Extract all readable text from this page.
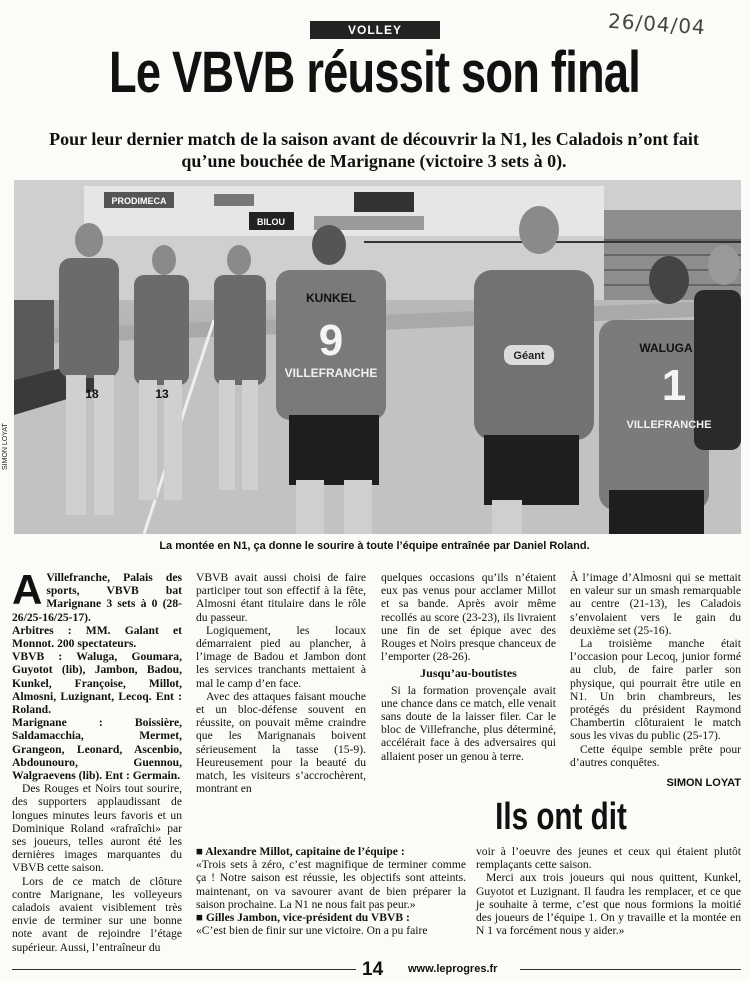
26/04/04
VOLLEY
Le VBVB réussit son final
Pour leur dernier match de la saison avant de découvrir la N1, les Caladois n’ont fait qu’une bouchée de Marignane (victoire 3 sets à 0).
PRODIMECA
BILOU
KUNKEL
9
VILLEFRANCHE
WALUGA
1
VILLEFRANCHE
18	13
Géant
SIMON LOYAT
La montée en N1, ça donne le sourire à toute l’équipe entraînée par Daniel Roland.

A Villefranche, Palais des sports, VBVB bat Marignane 3 sets à 0 (28-26/25-16/25-17).

Arbitres : MM. Galant et Monnot. 200 spectateurs.

VBVB : Waluga, Goumara, Guyotot (lib), Jambon, Badou, Kunkel, Françoise, Millot, Almosni, Luzignant, Lecoq. Ent : Roland.

Marignane : Boissière, Saldamacchia, Mermet, Grangeon, Leonard, Ascenbio, Abdounouro, Guennou, Walgraevens (lib). Ent : Germain.

Des Rouges et Noirs tout sourire, des supporters applaudissant de longues minutes leurs favoris et un Dominique Roland «rafraîchi» par ses joueurs, telles auront été les dernières images marquantes du VBVB cette saison.

Lors de ce match de clôture contre Marignane, les volleyeurs caladois avaient visiblement très envie de terminer sur une bonne note avant de rejoindre l’étage supérieur. Aussi, l’entraîneur du

VBVB avait aussi choisi de faire participer tout son effectif à la fête, Almosni étant titulaire dans le rôle du passeur.

Logiquement, les locaux démarraient pied au plancher, à l’image de Badou et Jambon dont les services tranchants mettaient à mal le camp d’en face.

Avec des attaques faisant mouche et un bloc-défense souvent en réussite, on pouvait même craindre que les Marignanais boivent sérieusement la tasse (15-9). Heureusement pour la beauté du match, les visiteurs s’accrochèrent, montrant en

quelques occasions qu’ils n’étaient eux pas venus pour acclamer Millot et sa bande. Après avoir même recollés au score (23-23), ils livraient une fin de set épique avec des Rouges et Noirs presque chanceux de l’emporter (28-26).

Jusqu’au-boutistes

Si la formation provençale avait une chance dans ce match, elle venait sans doute de la laisser filer. Car le bloc de Villefranche, plus déterminé, accélérait face à des adversaires qui allaient poser un genou à terre.

À l’image d’Almosni qui se mettait en valeur sur un smash remarquable au centre (21-13), les Caladois s’envolaient vers le gain du deuxième set (25-16).

La troisième manche était l’occasion pour Lecoq, junior formé au club, de faire parler son physique, qui pourrait être utile en N1. Un brin chambreurs, les protégés du président Raymond Chambertin clôturaient le match sous les vivas du public (25-17).

Cette équipe semble prête pour d’autres conquêtes.

SIMON LOYAT
Ils ont dit

■ Alexandre Millot, capitaine de l’équipe :

«Trois sets à zéro, c’est magnifique de terminer comme ça ! Notre saison est réussie, les objectifs sont atteints. maintenant, on va savourer avant de bien préparer la saison prochaine. La N1 ne nous fait pas peur.»

■ Gilles Jambon, vice-président du VBVB :

«C’est bien de finir sur une victoire. On a pu faire

voir à l’oeuvre des jeunes et ceux qui étaient plutôt remplaçants cette saison.

Merci aux trois joueurs qui nous quittent, Kunkel, Guyotot et Luzignant. Il faudra les remplacer, et ce que je souhaite à terme, c’est que nous formions la moitié des joueurs de l’équipe 1. On y travaille et la montée en N 1 va forcément nous y aider.»

14 www.leprogres.fr
